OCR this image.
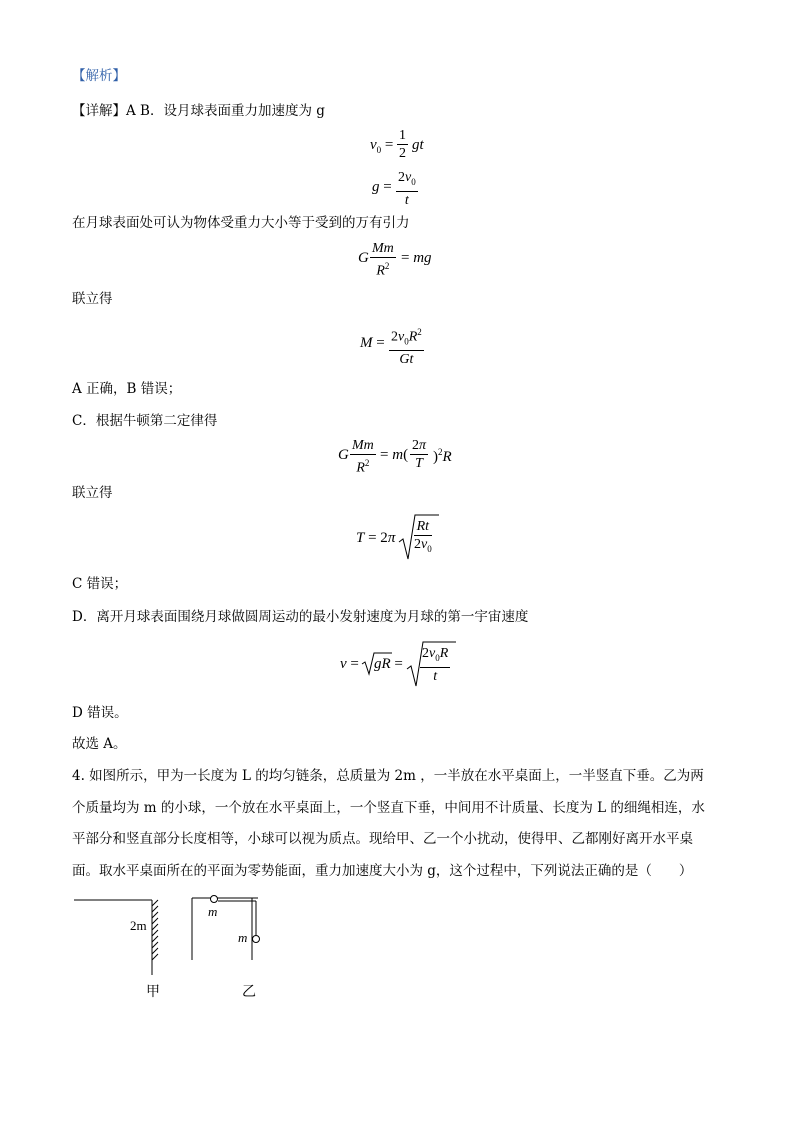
【解析】
【详解】A B．设月球表面重力加速度为 g
$v_0 = \frac{1}{2}$ gt
$g = \frac{2v_0}{t}$
在月球表面处可认为物体受重力大小等于受到的万有引力
G $\frac{Mm}{R^2}$ = mg
联立得
$M = \frac{2v_0R^2}{Gt}$
A 正确，B 错误；
C．根据牛顿第二定律得
G $\frac{Mm}{R^2} = m( \frac{2\pi}{T} )^2R$
联立得
$T = 2\pi \frac{Rt}{2v_0}$
C 错误；
D．离开月球表面围绕月球做圆周运动的最小发射速度为月球的第一宇宙速度
v = gR = $\frac{2v_0R}{t}$
D 错误。
故选 A。
4. 如图所示，甲为一长度为 L 的均匀链条，总质量为 2m ，一半放在水平桌面上，一半竖直下垂。乙为两
个质量均为 m 的小球，一个放在水平桌面上，一个竖直下垂，中间用不计质量、长度为 L 的细绳相连，水
平部分和竖直部分长度相等，小球可以视为质点。现给甲、乙一个小扰动，使得甲、乙都刚好离开水平桌
面。取水平桌面所在的平面为零势能面，重力加速度大小为 g，这个过程中，下列说法正确的是（　　）
2m
甲
m
m
乙
